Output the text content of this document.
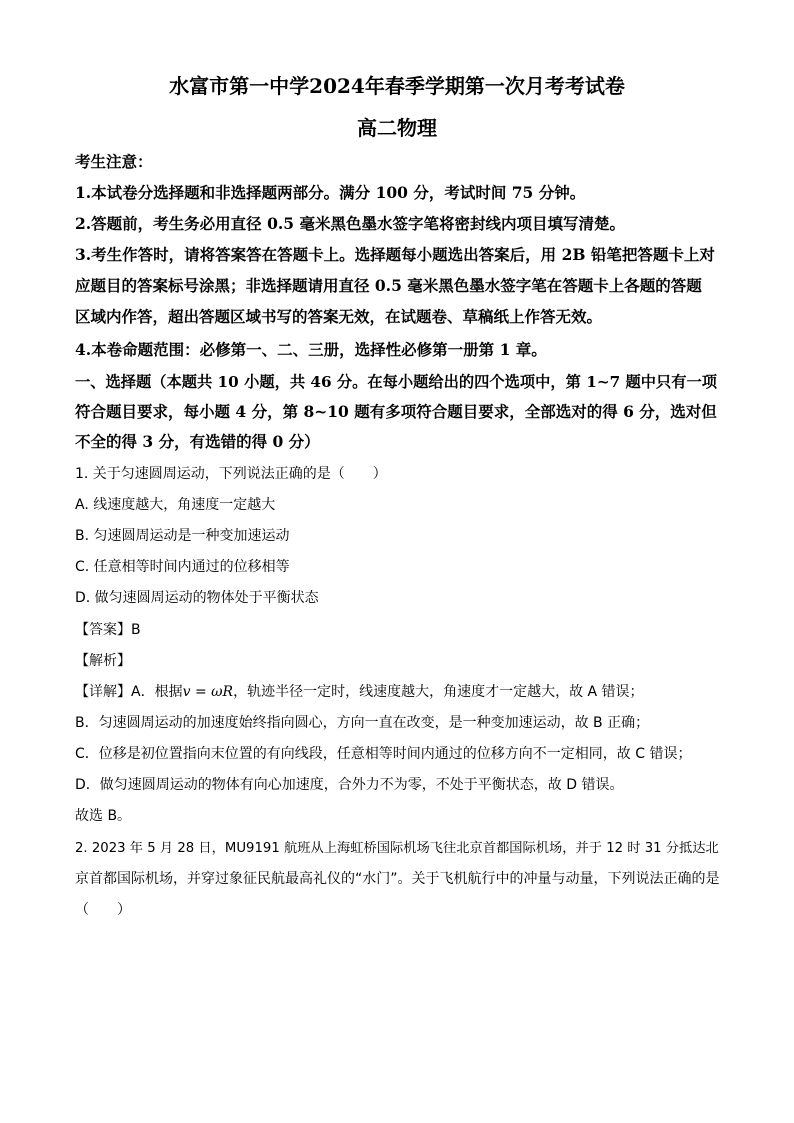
水富市第一中学2024年春季学期第一次月考考试卷
高二物理
考生注意：
1.本试卷分选择题和非选择题两部分。满分 100 分，考试时间 75 分钟。
2.答题前，考生务必用直径 0.5 毫米黑色墨水签字笔将密封线内项目填写清楚。
3.考生作答时，请将答案答在答题卡上。选择题每小题选出答案后，用 2B 铅笔把答题卡上对
应题目的答案标号涂黑；非选择题请用直径 0.5 毫米黑色墨水签字笔在答题卡上各题的答题
区域内作答，超出答题区域书写的答案无效，在试题卷、草稿纸上作答无效。
4.本卷命题范围：必修第一、二、三册，选择性必修第一册第 1 章。
一、选择题（本题共 10 小题，共 46 分。在每小题给出的四个选项中，第 1~7 题中只有一项
符合题目要求，每小题 4 分，第 8~10 题有多项符合题目要求，全部选对的得 6 分，选对但
不全的得 3 分，有选错的得 0 分）
1. 关于匀速圆周运动，下列说法正确的是（　　）
A. 线速度越大，角速度一定越大
B. 匀速圆周运动是一种变加速运动
C. 任意相等时间内通过的位移相等
D. 做匀速圆周运动的物体处于平衡状态
【答案】B
【解析】
【详解】A．根据v = ωR，轨迹半径一定时，线速度越大，角速度才一定越大，故 A 错误；
B．匀速圆周运动的加速度始终指向圆心，方向一直在改变，是一种变加速运动，故 B 正确；
C．位移是初位置指向末位置的有向线段，任意相等时间内通过的位移方向不一定相同，故 C 错误；
D．做匀速圆周运动的物体有向心加速度，合外力不为零，不处于平衡状态，故 D 错误。
故选 B。
2. 2023 年 5 月 28 日，MU9191 航班从上海虹桥国际机场飞往北京首都国际机场，并于 12 时 31 分抵达北
京首都国际机场，并穿过象征民航最高礼仪的“水门”。关于飞机航行中的冲量与动量，下列说法正确的是
（　　）
